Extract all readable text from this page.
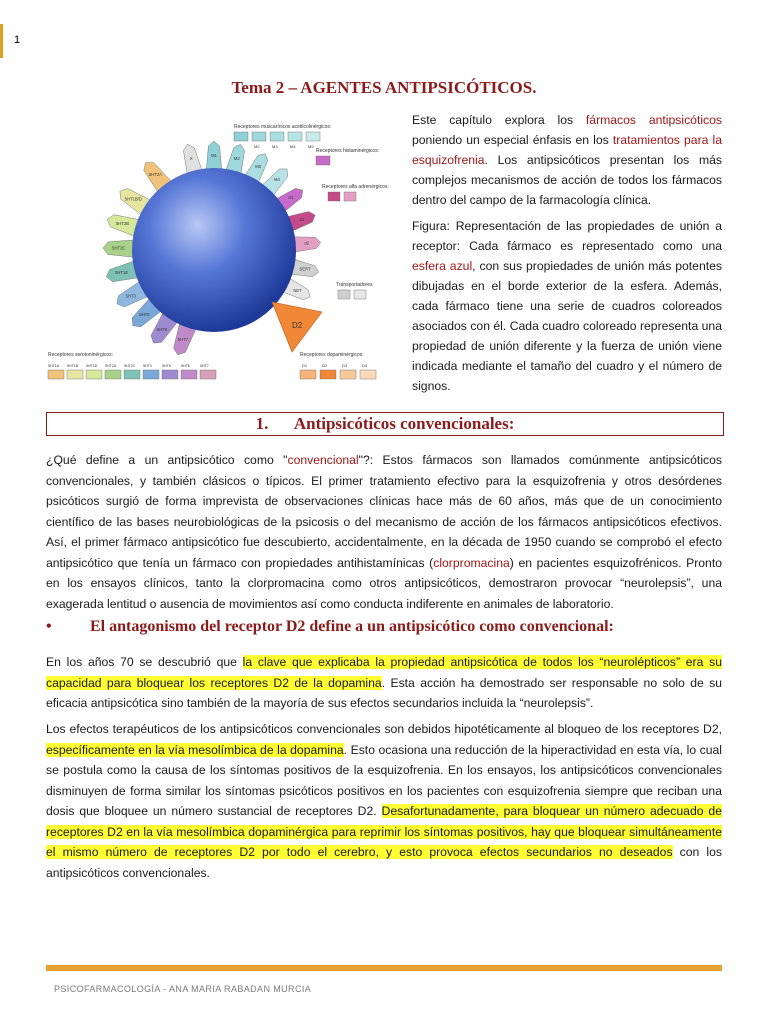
1
Tema 2 – AGENTES ANTIPSICÓTICOS.
Receptores muscarínicos acetilcolinérgicos:
M2	M3	M4	M5
Receptores histaminérgicos:
Receptores alfa adrenérgicos:
Transportadores:
5HT2A
5HT1B/D
5HT2B
5HT2C
5HT1E
5HT3
5HT5
5HT6
5HT7
X
M1
M2
M3
M4
H1
α1
α2
SERT
NET
D2
Receptores serotoninérgicos:
5HT1A 5HT1B 5HT1D 5HT2A 5HT2C 5HT3	5HT5	5HT6	5HT7
Receptores dopaminérgicos:
D1	D2	D3	D4

Este capítulo explora los fármacos antipsicóticos poniendo un especial énfasis en los tratamientos para la esquizofrenia. Los antipsicóticos presentan los más complejos mecanismos de acción de todos los fármacos dentro del campo de la farmacología clínica.

Figura: Representación de las propiedades de unión a receptor: Cada fármaco es representado como una esfera azul, con sus propiedades de unión más potentes dibujadas en el borde exterior de la esfera. Además, cada fármaco tiene una serie de cuadros coloreados asociados con él. Cada cuadro coloreado representa una propiedad de unión diferente y la fuerza de unión viene indicada mediante el tamaño del cuadro y el número de signos.

1. Antipsicóticos convencionales:

¿Qué define a un antipsicótico como "convencional"?: Estos fármacos son llamados comúnmente antipsicóticos convencionales, y también clásicos o típicos. El primer tratamiento efectivo para la esquizofrenia y otros desórdenes psicóticos surgió de forma imprevista de observaciones clínicas hace más de 60 años, más que de un conocimiento científico de las bases neurobiológicas de la psicosis o del mecanismo de acción de los fármacos antipsicóticos efectivos. Así, el primer fármaco antipsicótico fue descubierto, accidentalmente, en la década de 1950 cuando se comprobó el efecto antipsicótico que tenía un fármaco con propiedades antihistamínicas (clorpromacina) en pacientes esquizofrénicos. Pronto en los ensayos clínicos, tanto la clorpromacina como otros antipsicóticos, demostraron provocar “neurolepsis”, una exagerada lentitud o ausencia de movimientos así como conducta indiferente en animales de laboratorio.

• El antagonismo del receptor D2 define a un antipsicótico como convencional:

En los años 70 se descubrió que la clave que explicaba la propiedad antipsicótica de todos los “neurolépticos” era su capacidad para bloquear los receptores D2 de la dopamina. Esta acción ha demostrado ser responsable no solo de su eficacia antipsicótica sino también de la mayoría de sus efectos secundarios incluida la “neurolepsis”.

Los efectos terapéuticos de los antipsicóticos convencionales son debidos hipotéticamente al bloqueo de los receptores D2, específicamente en la vía mesolímbica de la dopamina. Esto ocasiona una reducción de la hiperactividad en esta vía, lo cual se postula como la causa de los síntomas positivos de la esquizofrenia. En los ensayos, los antipsicóticos convencionales disminuyen de forma similar los síntomas psicóticos positivos en los pacientes con esquizofrenia siempre que reciban una dosis que bloquee un número sustancial de receptores D2. Desafortunadamente, para bloquear un número adecuado de receptores D2 en la vía mesolímbica dopaminérgica para reprimir los síntomas positivos, hay que bloquear simultáneamente el mismo número de receptores D2 por todo el cerebro, y esto provoca efectos secundarios no deseados con los antipsicóticos convencionales.

PSICOFARMACOLOGÍA - ANA MARIA RABADAN MURCIA
